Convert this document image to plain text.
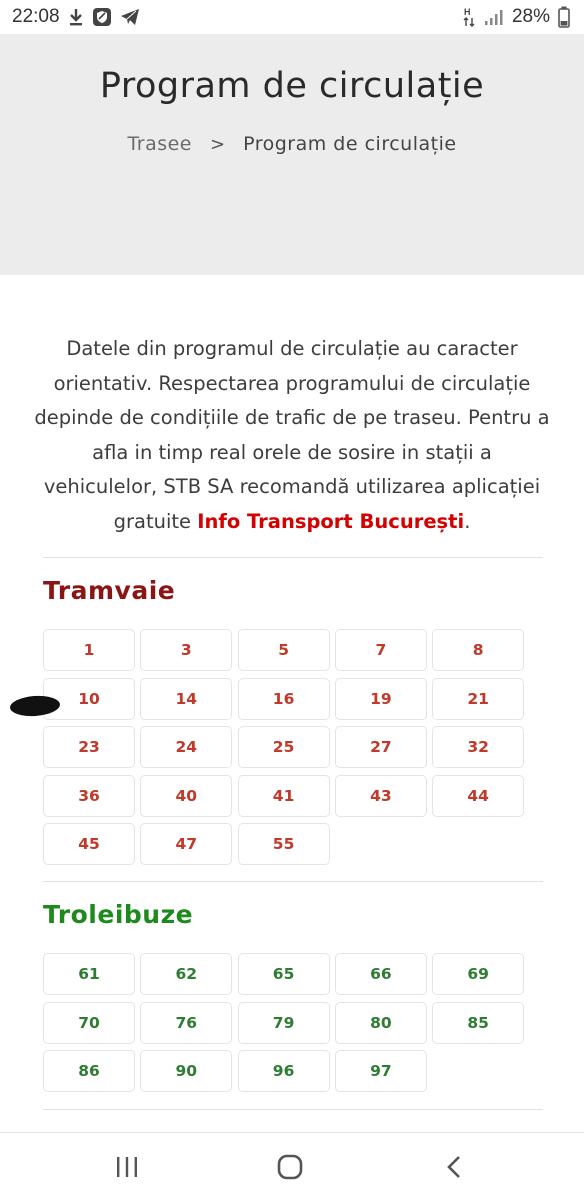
22:08	H 28%
Program de circulație
Trasee > Program de circulație

Datele din programul de circulație au caracter orientativ. Respectarea programului de circulație depinde de condițiile de trafic de pe traseu. Pentru a afla in timp real orele de sosire in stații a vehiculelor, STB SA recomandă utilizarea aplicației gratuite Info Transport București.

Tramvaie
1	3	5	7	8
10	14	16	19	21
23	24	25	27	32
36	40	41	43	44
45	47	55
Troleibuze
61	62	65	66	69
70	76	79	80	85
86	90	96	97
